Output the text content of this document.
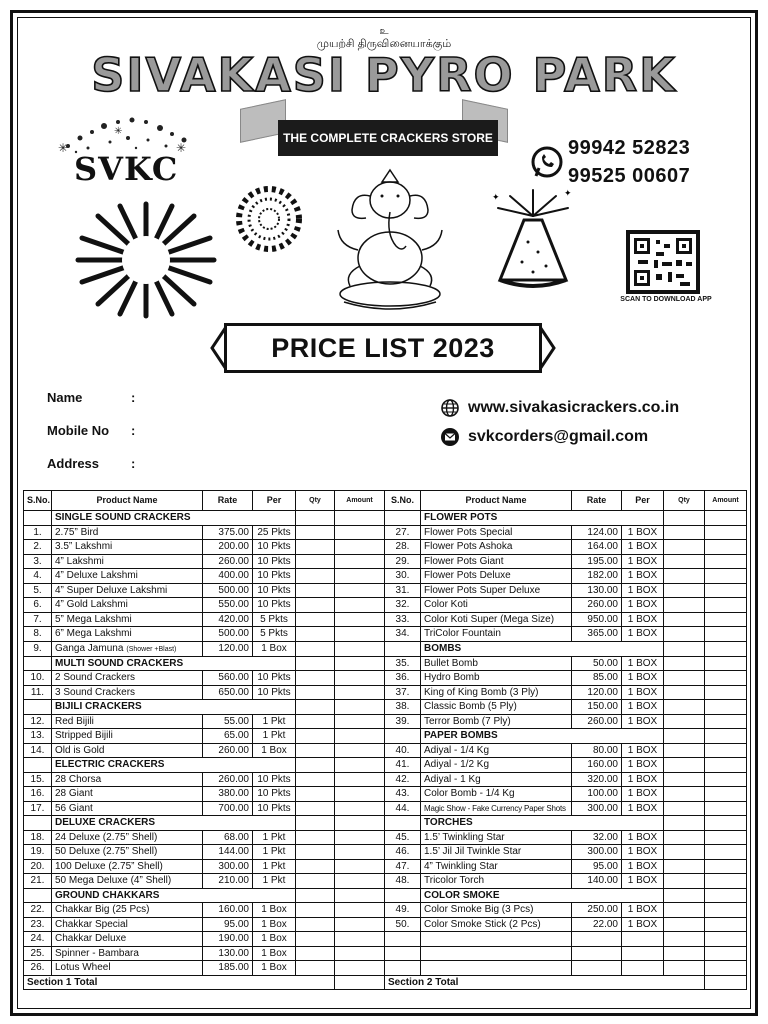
உ
முயற்சி திருவினையாக்கும்
SIVAKASI PYRO PARK
THE COMPLETE CRACKERS STORE
✳
✳
✳
SVKC
✦	✦
99942 52823
99525 00607
SCAN TO DOWNLOAD APP
PRICE LIST 2023
Name	:
Mobile No :
Address :
www.sivakasicrackers.co.in
svkcorders@gmail.com
S.No.	Product Name	Rate	Per	Qty	Amount	S.No.	Product Name	Rate	Per	Qty	Amount
	SINGLE SOUND CRACKERS						FLOWER POTS				
1.	2.75” Bird	375.00	25 Pkts			27.	Flower Pots Special	124.00	1 BOX		
2.	3.5” Lakshmi	200.00	10 Pkts			28.	Flower Pots Ashoka	164.00	1 BOX		
3.	4” Lakshmi	260.00	10 Pkts			29.	Flower Pots Giant	195.00	1 BOX		
4.	4” Deluxe Lakshmi	400.00	10 Pkts			30.	Flower Pots Deluxe	182.00	1 BOX		
5.	4” Super Deluxe Lakshmi	500.00	10 Pkts			31.	Flower Pots Super Deluxe	130.00	1 BOX		
6.	4” Gold Lakshmi	550.00	10 Pkts			32.	Color Koti	260.00	1 BOX		
7.	5” Mega Lakshmi	420.00	5 Pkts			33.	Color Koti Super (Mega Size)	950.00	1 BOX		
8.	6” Mega Lakshmi	500.00	5 Pkts			34.	TriColor Fountain	365.00	1 BOX		
9.	Ganga Jamuna (Shower +Blast)	120.00	1 Box				BOMBS				
	MULTI SOUND CRACKERS					35.	Bullet Bomb	50.00	1 BOX		
10.	2 Sound Crackers	560.00	10 Pkts			36.	Hydro Bomb	85.00	1 BOX		
11.	3 Sound Crackers	650.00	10 Pkts			37.	King of King Bomb (3 Ply)	120.00	1 BOX		
	BIJILI CRACKERS					38.	Classic Bomb (5 Ply)	150.00	1 BOX		
12.	Red Bijili	55.00	1 Pkt			39.	Terror Bomb (7 Ply)	260.00	1 BOX		
13.	Stripped Bijili	65.00	1 Pkt				PAPER BOMBS				
14.	Old is Gold	260.00	1 Box			40.	Adiyal - 1/4 Kg	80.00	1 BOX		
	ELECTRIC CRACKERS					41.	Adiyal - 1/2 Kg	160.00	1 BOX		
15.	28 Chorsa	260.00	10 Pkts			42.	Adiyal - 1 Kg	320.00	1 BOX		
16.	28 Giant	380.00	10 Pkts			43.	Color Bomb - 1/4 Kg	100.00	1 BOX		
17.	56 Giant	700.00	10 Pkts			44.	Magic Show - Fake Currency Paper Shots	300.00	1 BOX		
	DELUXE CRACKERS						TORCHES				
18.	24 Deluxe (2.75” Shell)	68.00	1 Pkt			45.	1.5’ Twinkling Star	32.00	1 BOX		
19.	50 Deluxe (2.75” Shell)	144.00	1 Pkt			46.	1.5’ Jil Jil Twinkle Star	300.00	1 BOX		
20.	100 Deluxe (2.75” Shell)	300.00	1 Pkt			47.	4” Twinkling Star	95.00	1 BOX		
21.	50 Mega Deluxe (4” Shell)	210.00	1 Pkt			48.	Tricolor Torch	140.00	1 BOX		
	GROUND CHAKKARS						COLOR SMOKE				
22.	Chakkar Big (25 Pcs)	160.00	1 Box			49.	Color Smoke Big (3 Pcs)	250.00	1 BOX		
23.	Chakkar Special	95.00	1 Box			50.	Color Smoke Stick (2 Pcs)	22.00	1 BOX		
24.	Chakkar Deluxe	190.00	1 Box								
25.	Spinner - Bambara	130.00	1 Box								
26.	Lotus Wheel	185.00	1 Box								
Section 1 Total						Section 2 Total					
